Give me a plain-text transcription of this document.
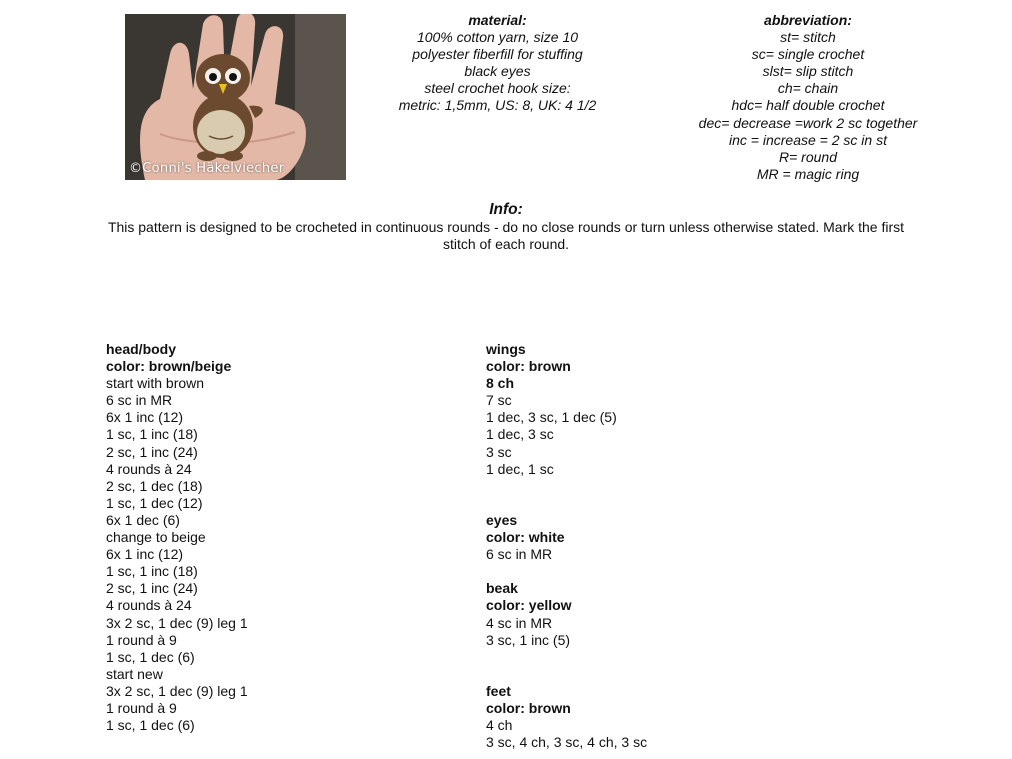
©Conni's Häkelviecher
material:
100% cotton yarn, size 10
polyester fiberfill for stuffing
black eyes
steel crochet hook size:
metric: 1,5mm, US: 8, UK: 4 1/2
abbreviation:
st= stitch
sc= single crochet
slst= slip stitch
ch= chain
hdc= half double crochet
dec= decrease =work 2 sc together
inc = increase = 2 sc in st
R= round
MR = magic ring
Info:
This pattern is designed to be crocheted in continuous rounds - do no close rounds or turn unless otherwise stated. Mark the first stitch of each round.
head/body
color: brown/beige
start with brown
6 sc in MR
6x 1 inc (12)
1 sc, 1 inc (18)
2 sc, 1 inc (24)
4 rounds à 24
2 sc, 1 dec (18)
1 sc, 1 dec (12)
6x 1 dec (6)
change to beige
6x 1 inc (12)
1 sc, 1 inc (18)
2 sc, 1 inc (24)
4 rounds à 24
3x 2 sc, 1 dec (9) leg 1
1 round à 9
1 sc, 1 dec (6)
start new
3x 2 sc, 1 dec (9) leg 1
1 round à 9
1 sc, 1 dec (6)
wings
color: brown
8 ch
7 sc
1 dec, 3 sc, 1 dec (5)
1 dec, 3 sc
3 sc
1 dec, 1 sc
eyes
color: white
6 sc in MR
beak
color: yellow
4 sc in MR
3 sc, 1 inc (5)
feet
color: brown
4 ch
3 sc, 4 ch, 3 sc, 4 ch, 3 sc
